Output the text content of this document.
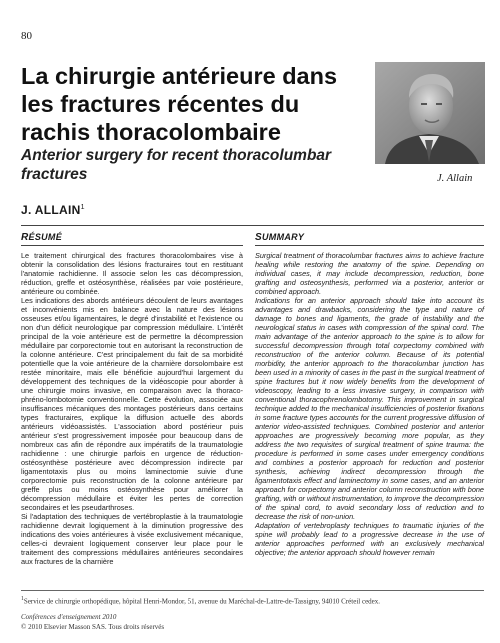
80
La chirurgie antérieure dans les fractures récentes du rachis thoracolombaire
Anterior surgery for recent thoracolumbar fractures	J. Allain
J. ALLAIN$^1$
RÉSUMÉ	SUMMARY

Le traitement chirurgical des fractures thoracolombaires vise à obtenir la consolidation des lésions fracturaires tout en restituant l'anatomie rachidienne. Il associe selon les cas décompression, réduction, greffe et ostéosynthèse, réalisées par voie postérieure, antérieure ou combinée.

Les indications des abords antérieurs découlent de leurs avantages et inconvénients mis en balance avec la nature des lésions osseuses et/ou ligamentaires, le degré d'instabilité et l'existence ou non d'un déficit neurologique par compression médullaire. L'intérêt principal de la voie antérieure est de permettre la décompression médullaire par corporectomie tout en autorisant la reconstruction de la colonne antérieure. C'est principalement du fait de sa morbidité potentielle que la voie antérieure de la charnière dorsolombaire est restée minoritaire, mais elle bénéficie aujourd'hui largement du développement des techniques de la vidéoscopie pour aborder à une chirurgie moins invasive, en comparaison avec la thoraco-phréno-lombotomie conventionnelle. Cette évolution, associée aux insuffisances mécaniques des montages postérieurs dans certains types fracturaires, explique la diffusion actuelle des abords antérieurs vidéoassistés. L'association abord postérieur puis antérieur s'est progressivement imposée pour beaucoup dans de nombreux cas afin de répondre aux impératifs de la traumatologie rachidienne : une chirurgie parfois en urgence de réduction-ostéosynthèse postérieure avec décompression indirecte par ligamentotaxis plus ou moins laminectomie suivie d'une corporectomie puis reconstruction de la colonne antérieure par greffe plus ou moins ostéosynthèse pour améliorer la décompression médullaire et éviter les pertes de correction secondaires et les pseudarthroses.

Si l'adaptation des techniques de vertébroplastie à la traumatologie rachidienne devrait logiquement à la diminution progressive des indications des voies antérieures à visée exclusivement mécanique, celles-ci devraient logiquement conserver leur place pour le traitement des compressions médullaires antérieures secondaires aux fractures de la charnière

Surgical treatment of thoracolumbar fractures aims to achieve fracture healing while restoring the anatomy of the spine. Depending on individual cases, it may include decompression, reduction, bone grafting and osteosynthesis, performed via a posterior, anterior or combined approach.

Indications for an anterior approach should take into account its advantages and drawbacks, considering the type and nature of damage to bones and ligaments, the grade of instability and the neurological status in cases with compression of the spinal cord. The main advantage of the anterior approach to the spine is to allow for successful decompression through total corpectomy combined with reconstruction of the anterior column. Because of its potential morbidity, the anterior approach to the thoracolumbar junction has been used in a minority of cases in the past in the surgical treatment of spine fractures but it now widely benefits from the development of videoscopy, leading to a less invasive surgery, in comparison with conventional thoracophrenolombotomy. This improvement in surgical technique added to the mechanical insufficiencies of posterior fixations in some fracture types accounts for the current progressive diffusion of anterior video-assisted techniques. Combined posterior and anterior approaches are progressively becoming more popular, as they address the two requisites of surgical treatment of spine trauma: the procedure is performed in some cases under emergency conditions and combines a posterior approach for reduction and posterior synthesis, achieving indirect decompression through the ligamentotaxis effect and laminectomy in some cases, and an anterior approach for corpectomy and anterior column reconstruction with bone grafting, with or without instrumentation, to improve the decompression of the spinal cord, to avoid secondary loss of reduction and to decrease the risk of non-union.

Adaptation of vertebroplasty techniques to traumatic injuries of the spine will probably lead to a progressive decrease in the use of anterior approaches performed with an exclusively mechanical objective; the anterior approach should however remain

$^1$Service de chirurgie orthopédique, hôpital Henri-Mondor, 51, avenue du Maréchal-de-Lattre-de-Tassigny, 94010 Créteil cedex.
Conférences d'enseignement 2010
© 2010 Elsevier Masson SAS. Tous droits réservés
